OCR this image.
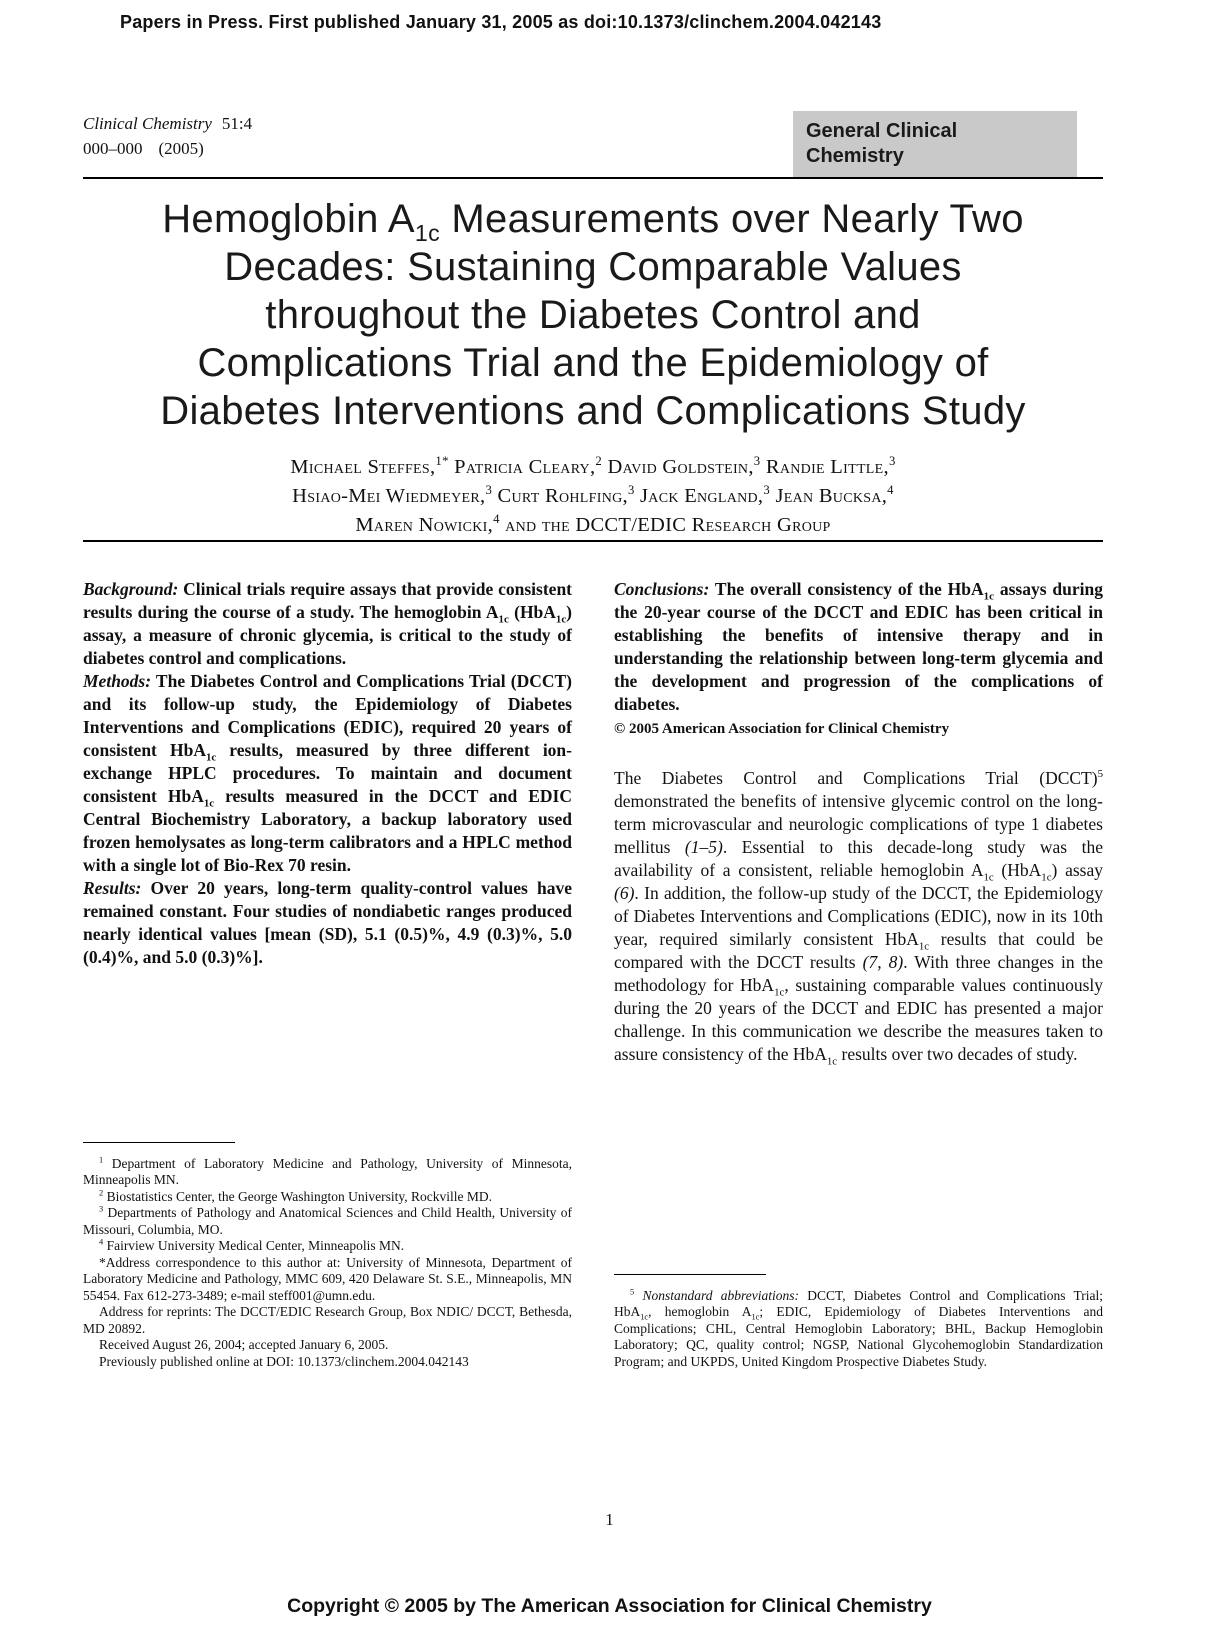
Papers in Press. First published January 31, 2005 as doi:10.1373/clinchem.2004.042143
Clinical Chemistry 51:4
000–000 (2005)
General Clinical
Chemistry
Hemoglobin $A_{1c}$ Measurements over Nearly Two
Decades: Sustaining Comparable Values
throughout the Diabetes Control and
Complications Trial and the Epidemiology of
Diabetes Interventions and Complications Study
Michael Steffes,$^{1*}$ Patricia Cleary,$^2$ David Goldstein,$^3$ Randie Little,$^3$
Hsiao-Mei Wiedmeyer,$^3$ Curt Rohlfing,$^3$ Jack England,$^3$ Jean Bucksa,$^4$
Maren Nowicki,$^4$ and the DCCT/EDIC Research Group

Background: Clinical trials require assays that provide consistent results during the course of a study. The hemoglobin $A_{1c}$ (HbA$_{1c}$) assay, a measure of chronic glycemia, is critical to the study of diabetes control and complications.

Methods: The Diabetes Control and Complications Trial (DCCT) and its follow-up study, the Epidemiology of Diabetes Interventions and Complications (EDIC), required 20 years of consistent HbA$_{1c}$ results, measured by three different ion-exchange HPLC procedures. To maintain and document consistent HbA$_{1c}$ results measured in the DCCT and EDIC Central Biochemistry Laboratory, a backup laboratory used frozen hemolysates as long-term calibrators and a HPLC method with a single lot of Bio-Rex 70 resin.

Results: Over 20 years, long-term quality-control values have remained constant. Four studies of nondiabetic ranges produced nearly identical values [mean (SD), 5.1 (0.5)%, 4.9 (0.3)%, 5.0 (0.4)%, and 5.0 (0.3)%].

$^1$ Department of Laboratory Medicine and Pathology, University of Minnesota, Minneapolis MN.

$^2$ Biostatistics Center, the George Washington University, Rockville MD.

$^3$ Departments of Pathology and Anatomical Sciences and Child Health, University of Missouri, Columbia, MO.

$^4$ Fairview University Medical Center, Minneapolis MN.

*Address correspondence to this author at: University of Minnesota, Department of Laboratory Medicine and Pathology, MMC 609, 420 Delaware St. S.E., Minneapolis, MN 55454. Fax 612-273-3489; e-mail steff001@umn.edu.

Address for reprints: The DCCT/EDIC Research Group, Box NDIC/ DCCT, Bethesda, MD 20892.

Received August 26, 2004; accepted January 6, 2005.

Previously published online at DOI: 10.1373/clinchem.2004.042143

Conclusions: The overall consistency of the HbA$_{1c}$ assays during the 20-year course of the DCCT and EDIC has been critical in establishing the benefits of intensive therapy and in understanding the relationship between long-term glycemia and the development and progression of the complications of diabetes.

© 2005 American Association for Clinical Chemistry

The Diabetes Control and Complications Trial (DCCT)$^5$ demonstrated the benefits of intensive glycemic control on the long-term microvascular and neurologic complications of type 1 diabetes mellitus (1–5). Essential to this decade-long study was the availability of a consistent, reliable hemoglobin $A_{1c}$ (HbA$_{1c}$) assay (6). In addition, the follow-up study of the DCCT, the Epidemiology of Diabetes Interventions and Complications (EDIC), now in its 10th year, required similarly consistent HbA$_{1c}$ results that could be compared with the DCCT results (7, 8). With three changes in the methodology for HbA$_{1c}$, sustaining comparable values continuously during the 20 years of the DCCT and EDIC has presented a major challenge. In this communication we describe the measures taken to assure consistency of the HbA$_{1c}$ results over two decades of study.

$^5$ Nonstandard abbreviations: DCCT, Diabetes Control and Complications Trial; HbA$_{1c}$, hemoglobin $A_{1c}$; EDIC, Epidemiology of Diabetes Interventions and Complications; CHL, Central Hemoglobin Laboratory; BHL, Backup Hemoglobin Laboratory; QC, quality control; NGSP, National Glycohemoglobin Standardization Program; and UKPDS, United Kingdom Prospective Diabetes Study.

1
Copyright © 2005 by The American Association for Clinical Chemistry
